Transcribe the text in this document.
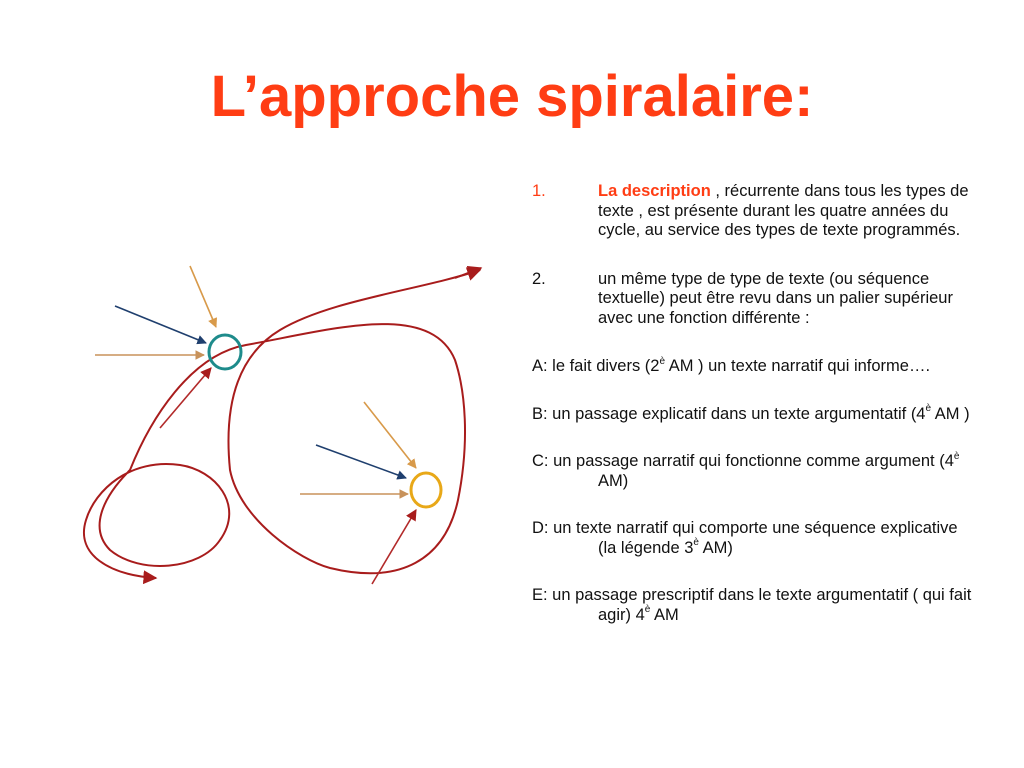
L’approche spiralaire:
1.	La description , récurrente dans tous les types de texte , est présente durant les quatre années du cycle, au service des types de texte programmés.
2.	un même type de type de texte (ou séquence textuelle) peut être revu dans un palier supérieur avec une fonction différente :
A: le fait divers ($2^è$ AM ) un texte narratif qui informe….
B: un passage explicatif dans un texte argumentatif ($4^è$ AM )
C: un passage narratif qui fonctionne comme argument ($4^è$ AM)
D: un texte narratif qui comporte une séquence explicative (la légende $3^è$ AM)
E: un passage prescriptif dans le texte argumentatif ( qui fait agir) $4^è$ AM
